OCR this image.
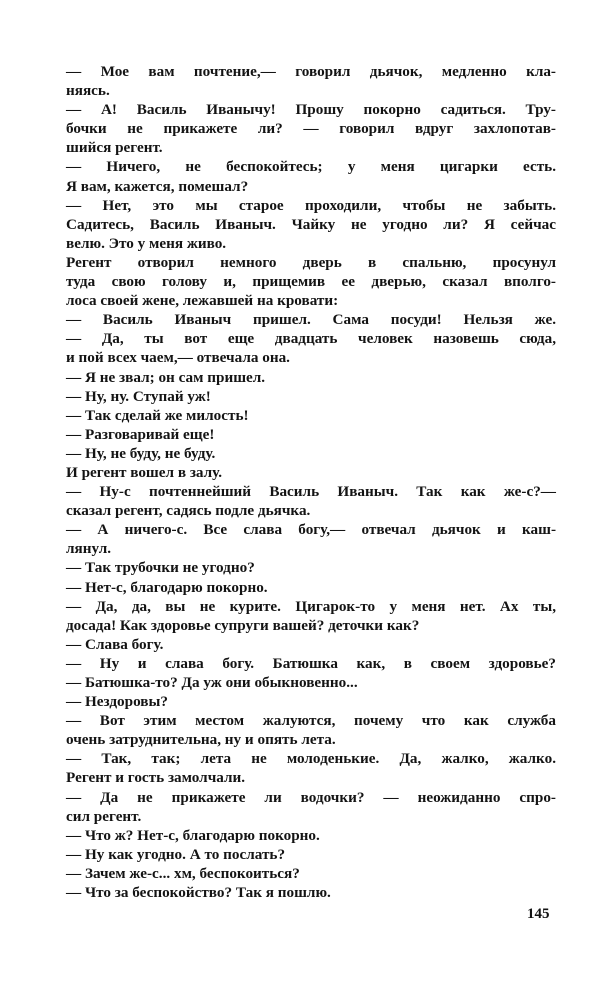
— Мое вам почтение,— говорил дьячок, медленно кла-
няясь.
— А! Василь Иванычу! Прошу покорно садиться. Тру-
бочки не прикажете ли? — говорил вдруг захлопотав-
шийся регент.
— Ничего, не беспокойтесь; у меня цигарки есть.
Я вам, кажется, помешал?
— Нет, это мы старое проходили, чтобы не забыть.
Садитесь, Василь Иваныч. Чайку не угодно ли? Я сейчас
велю. Это у меня живо.
Регент отворил немного дверь в спальню, просунул
туда свою голову и, прищемив ее дверью, сказал вполго-
лоса своей жене, лежавшей на кровати:
— Василь Иваныч пришел. Сама посуди! Нельзя же.
— Да, ты вот еще двадцать человек назовешь сюда,
и пой всех чаем,— отвечала она.
— Я не звал; он сам пришел.
— Ну, ну. Ступай уж!
— Так сделай же милость!
— Разговаривай еще!
— Ну, не буду, не буду.
И регент вошел в залу.
— Ну-с почтеннейший Василь Иваныч. Так как же-с?—
сказал регент, садясь подле дьячка.
— А ничего-с. Все слава богу,— отвечал дьячок и каш-
лянул.
— Так трубочки не угодно?
— Нет-с, благодарю покорно.
— Да, да, вы не курите. Цигарок-то у меня нет. Ах ты,
досада! Как здоровье супруги вашей? деточки как?
— Слава богу.
— Ну и слава богу. Батюшка как, в своем здоровье?
— Батюшка-то? Да уж они обыкновенно...
— Нездоровы?
— Вот этим местом жалуются, почему что как служба
очень затруднительна, ну и опять лета.
— Так, так; лета не молоденькие. Да, жалко, жалко.
Регент и гость замолчали.
— Да не прикажете ли водочки? — неожиданно спро-
сил регент.
— Что ж? Нет-с, благодарю покорно.
— Ну как угодно. А то послать?
— Зачем же-с... хм, беспокоиться?
— Что за беспокойство? Так я пошлю.
145
